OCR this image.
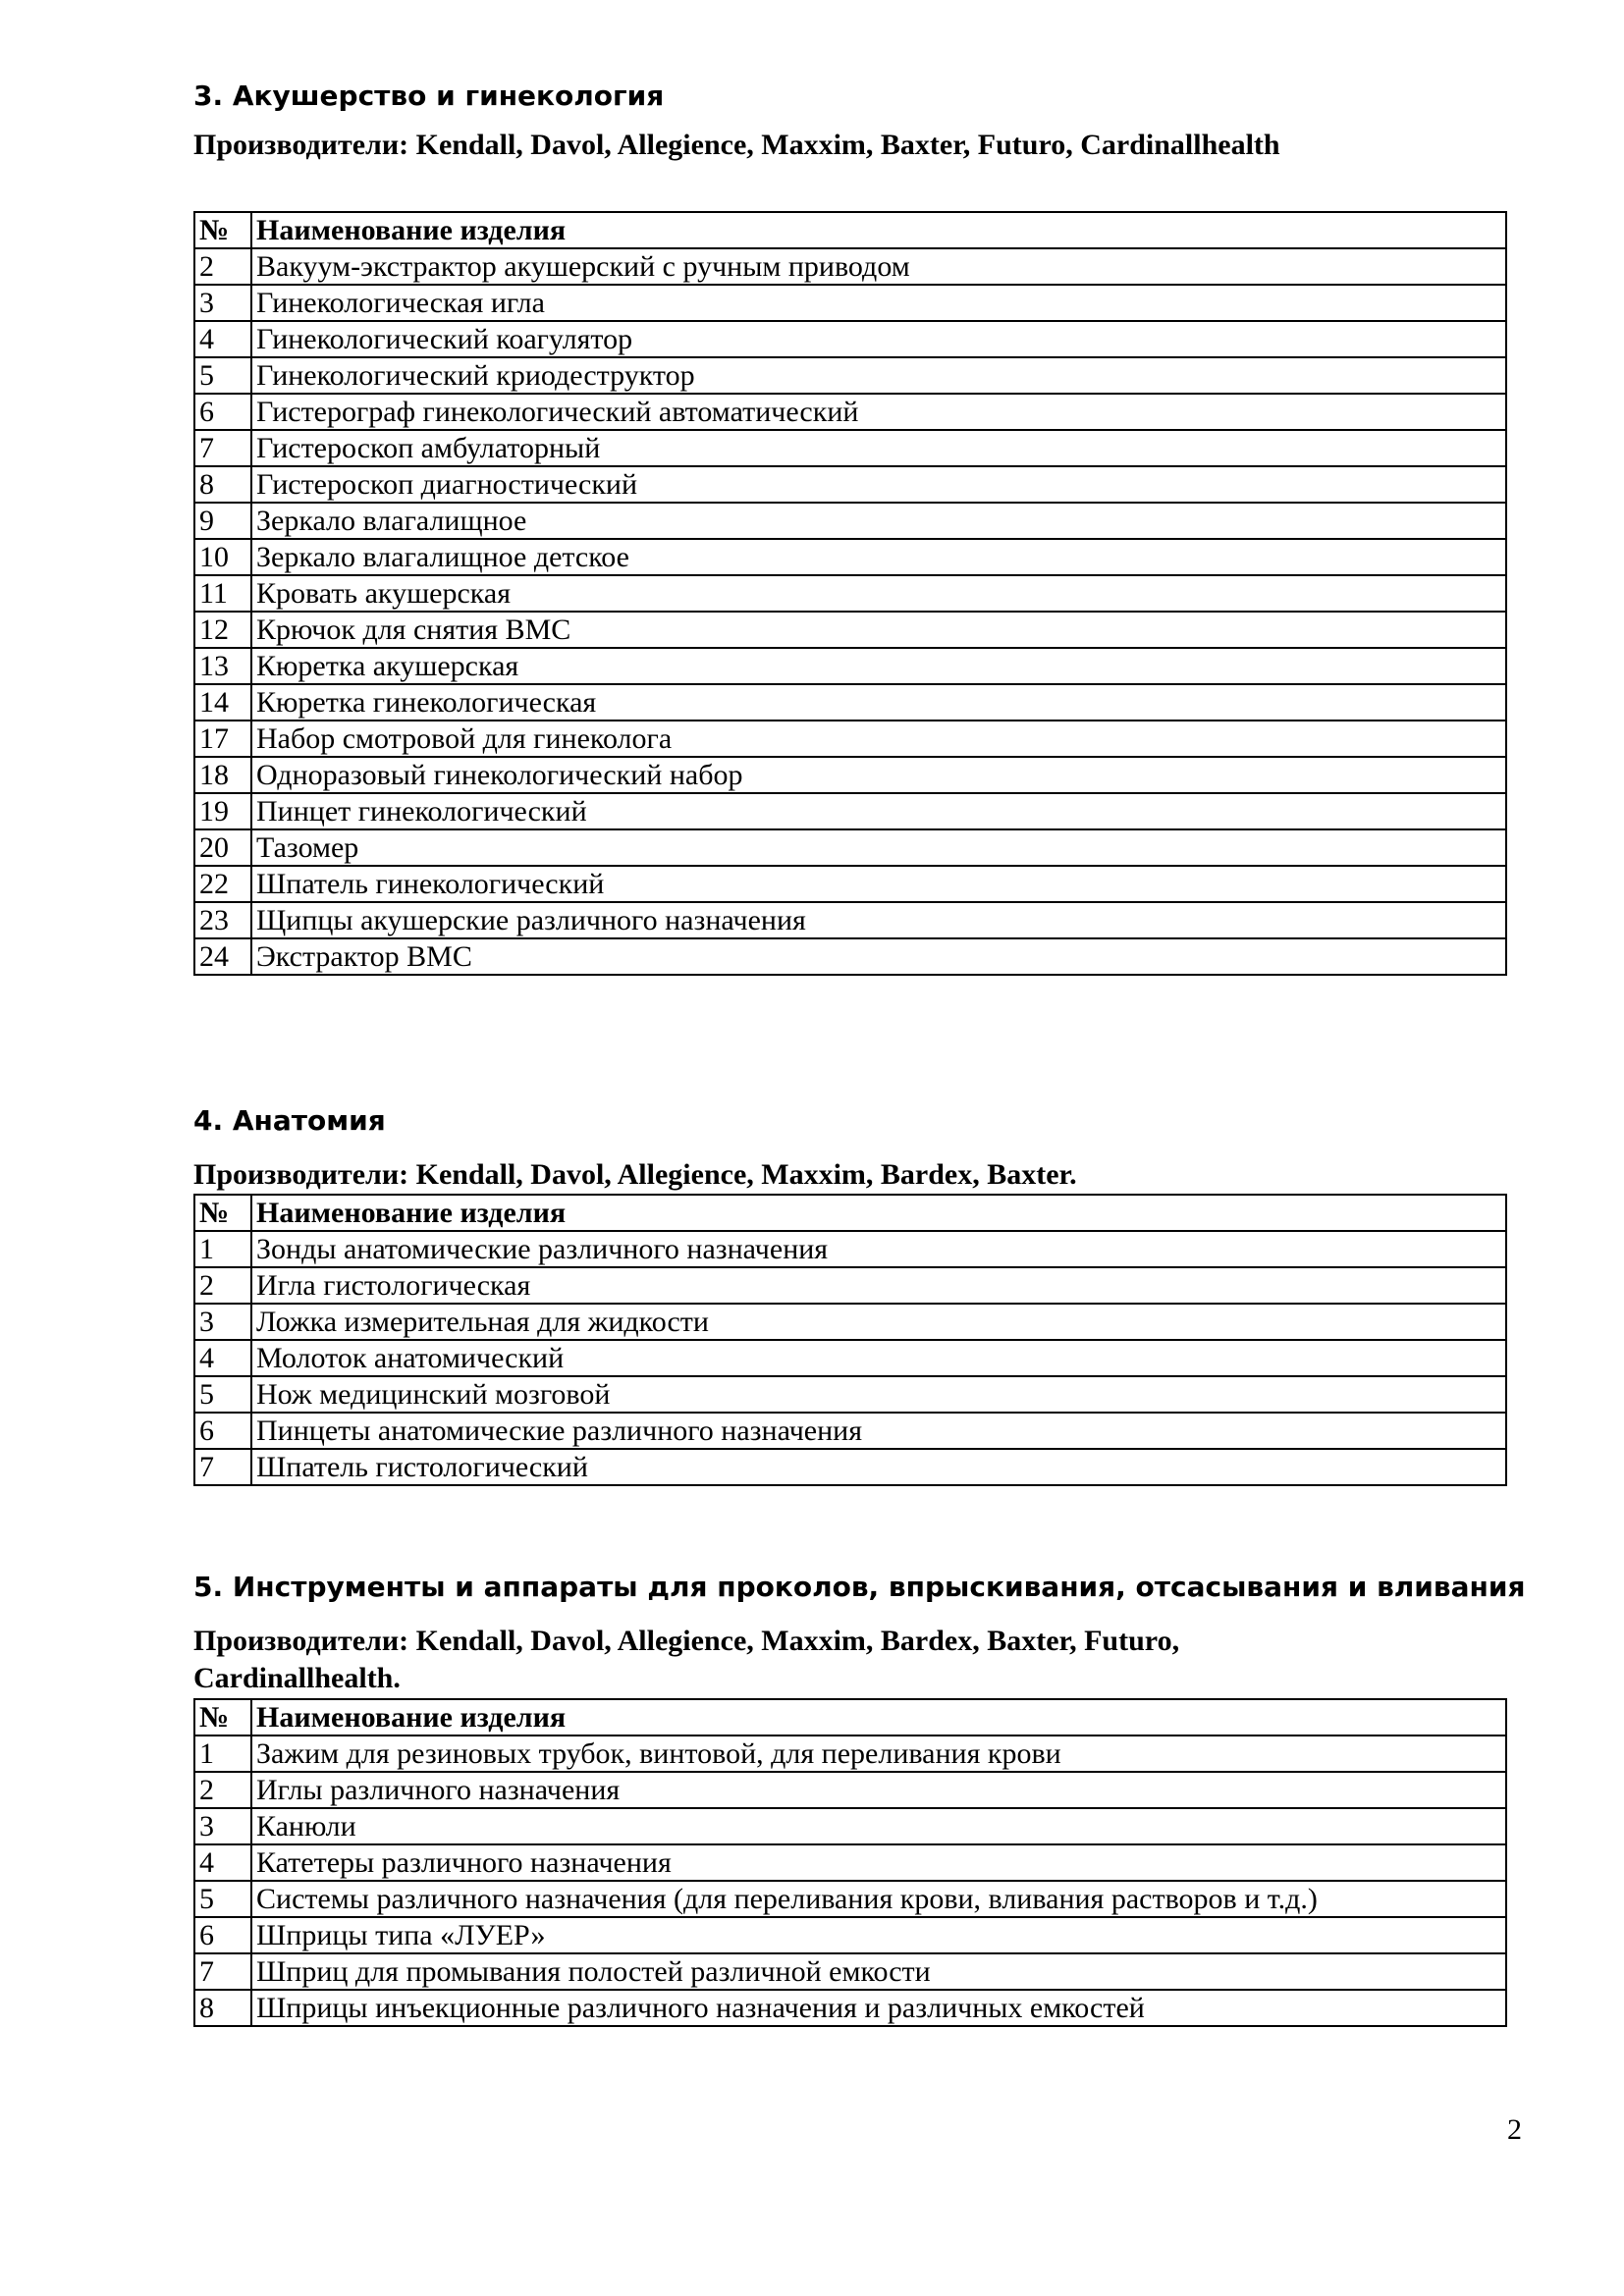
3. Акушерство и гинекология
Производители: Kendall, Davol, Allegience, Maxxim, Baxter, Futuro, Cardinallhealth
№	Наименование изделия
2	Вакуум-экстрактор акушерский с ручным приводом
3	Гинекологическая игла
4	Гинекологический коагулятор
5	Гинекологический криодеструктор
6	Гистерограф гинекологический автоматический
7	Гистероскоп амбулаторный
8	Гистероскоп диагностический
9	Зеркало влагалищное
10	Зеркало влагалищное детское
11	Кровать акушерская
12	Крючок для снятия ВМС
13	Кюретка акушерская
14	Кюретка гинекологическая
17	Набор смотровой для гинеколога
18	Одноразовый гинекологический набор
19	Пинцет гинекологический
20	Тазомер
22	Шпатель гинекологический
23	Щипцы акушерские различного назначения
24	Экстрактор ВМС
4. Анатомия
Производители: Kendall, Davol, Allegience, Maxxim, Bardex, Baxter.
№	Наименование изделия
1	Зонды анатомические различного назначения
2	Игла гистологическая
3	Ложка измерительная для жидкости
4	Молоток анатомический
5	Нож медицинский мозговой
6	Пинцеты анатомические различного назначения
7	Шпатель гистологический
5. Инструменты и аппараты для проколов, впрыскивания, отсасывания и вливания
Производители: Kendall, Davol, Allegience, Maxxim, Bardex, Baxter, Futuro,
Cardinallhealth.
№	Наименование изделия
1	Зажим для резиновых трубок, винтовой, для переливания крови
2	Иглы различного назначения
3	Канюли
4	Катетеры различного назначения
5	Системы различного назначения (для переливания крови, вливания растворов и т.д.)
6	Шприцы типа «ЛУЕР»
7	Шприц для промывания полостей различной емкости
8	Шприцы инъекционные различного назначения и различных емкостей
2
